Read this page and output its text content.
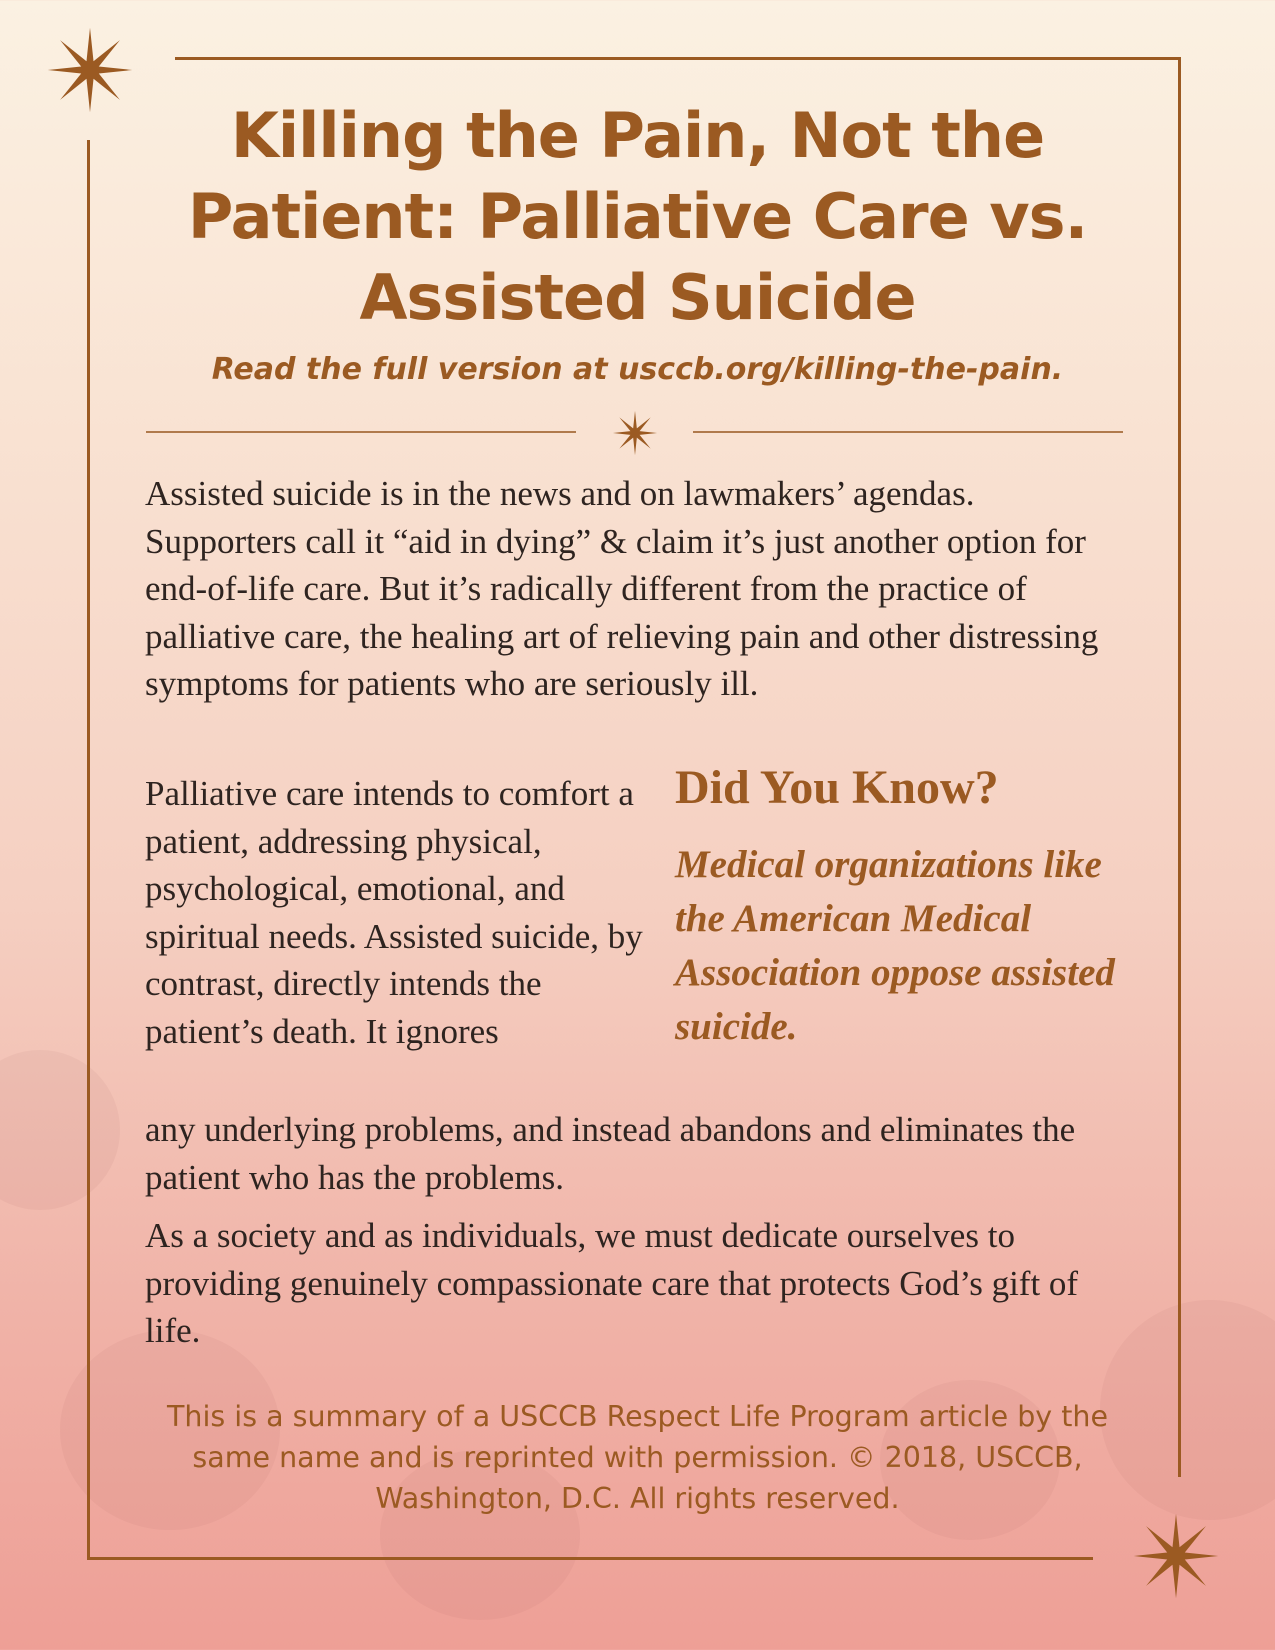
Killing the Pain, Not the Patient: Palliative Care vs. Assisted Suicide

Read the full version at usccb.org/killing-the-pain.

Assisted suicide is in the news and on lawmakers’ agendas. Supporters call it “aid in dying” & claim it’s just another option for end-of-life care. But it’s radically different from the practice of palliative care, the healing art of relieving pain and other distressing symptoms for patients who are seriously ill.

Palliative care intends to comfort a patient, addressing physical, psychological, emotional, and spiritual needs. Assisted suicide, by contrast, directly intends the patient’s death. It ignores

any underlying problems, and instead abandons and eliminates the patient who has the problems.

As a society and as individuals, we must dedicate ourselves to providing genuinely compassionate care that protects God’s gift of life.

Did You Know?

Medical organizations like the American Medical Association oppose assisted suicide.

This is a summary of a USCCB Respect Life Program article by the same name and is reprinted with permission. © 2018, USCCB, Washington, D.C. All rights reserved.
